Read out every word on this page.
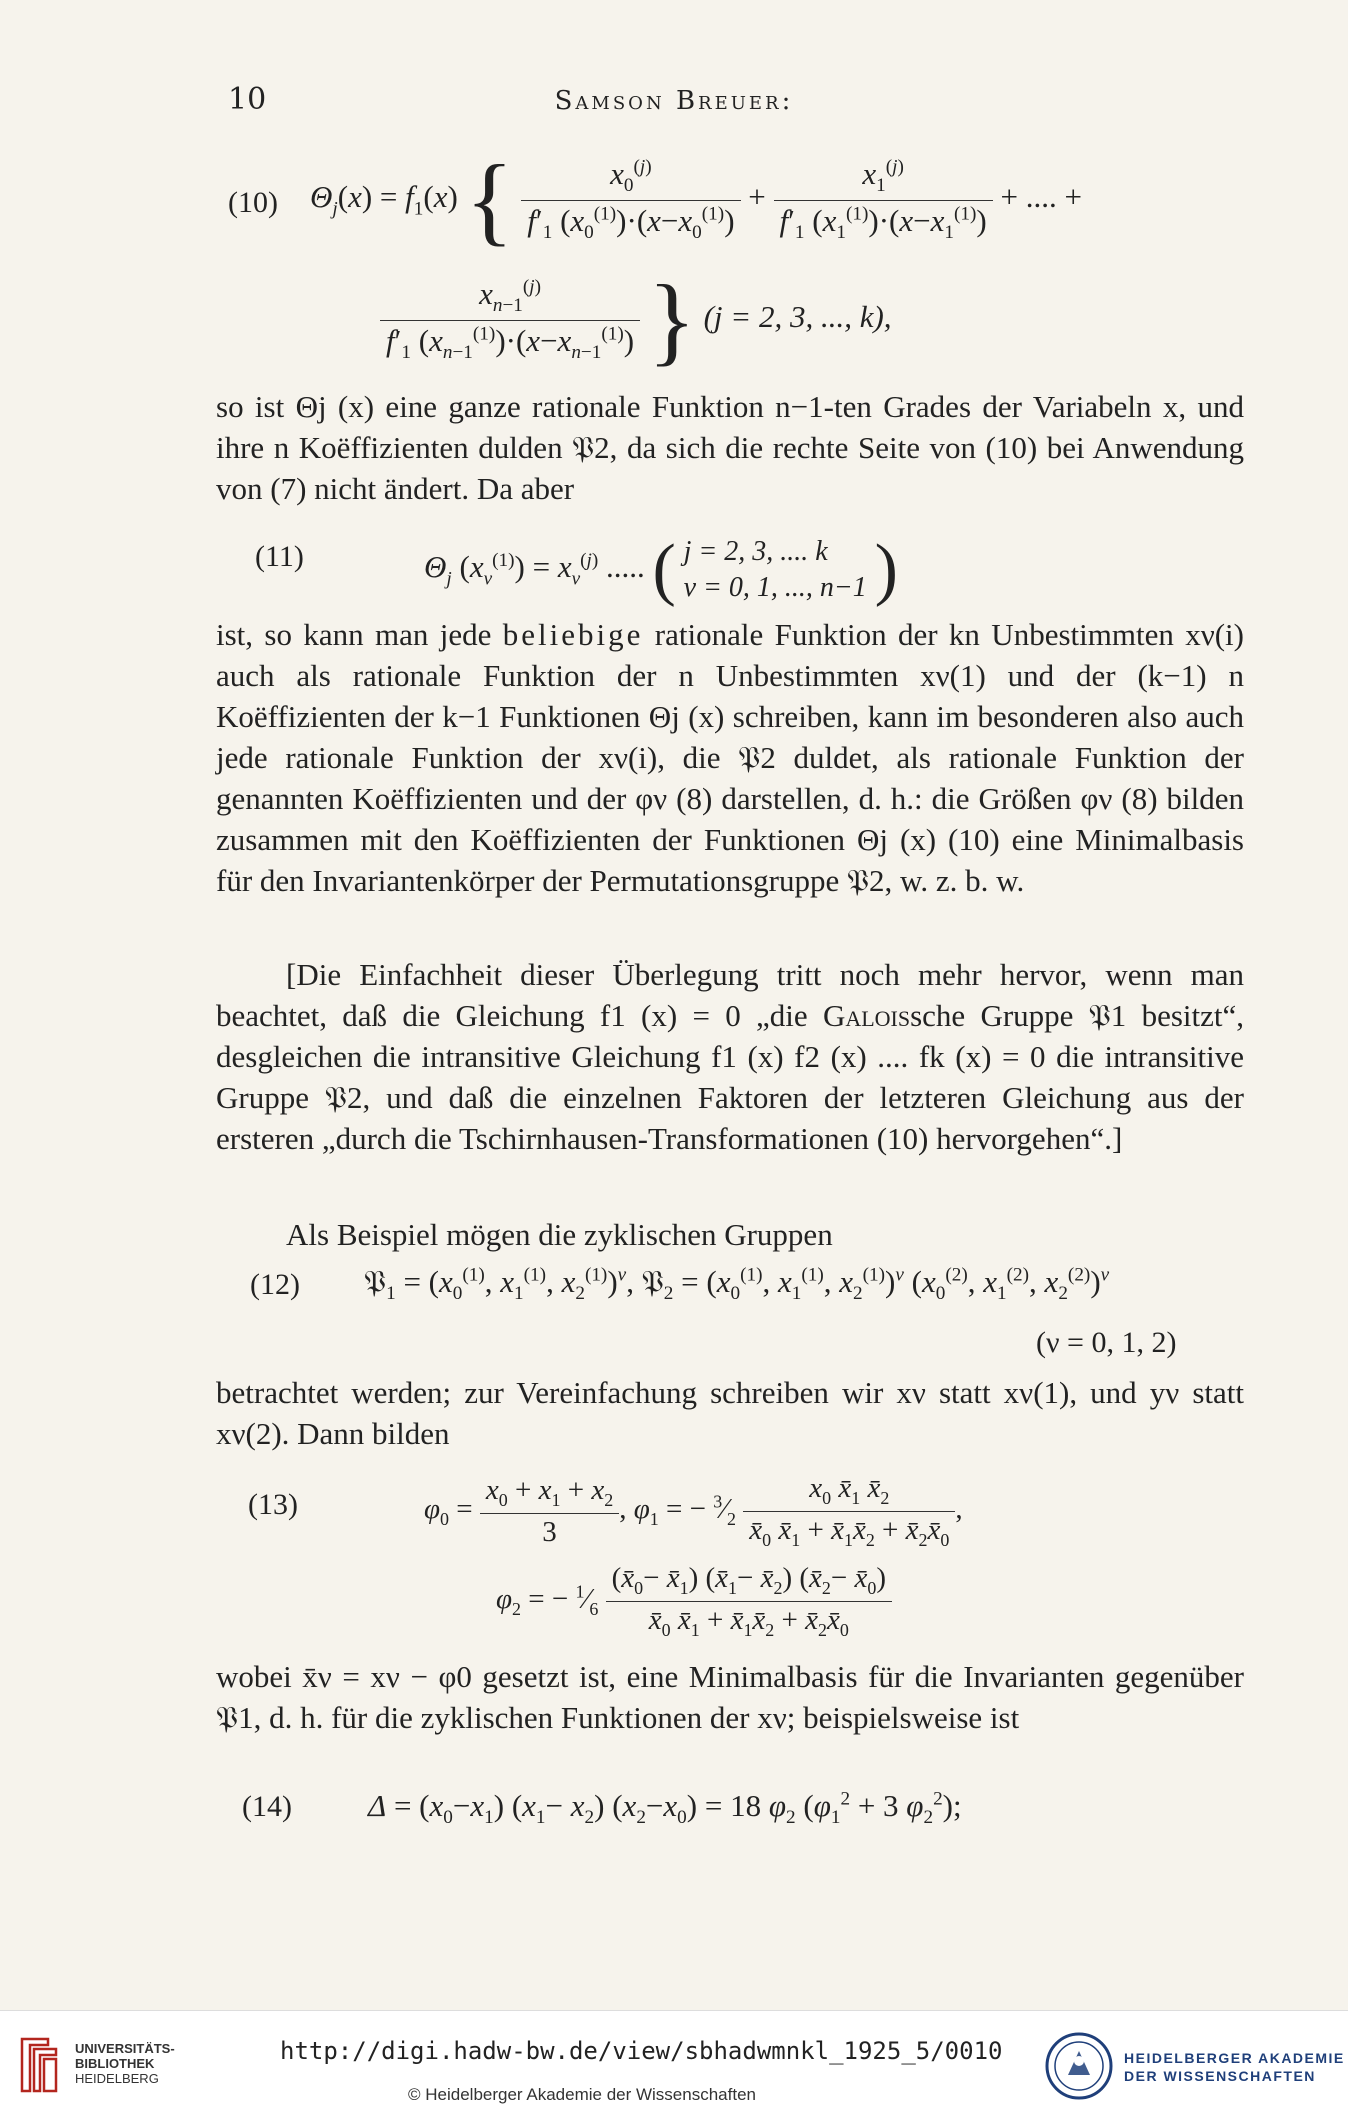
10	Samson Breuer:
(10) $\Theta_j(x) = f_1(x)$ { $\frac{x_0^{(j)}}{f'_1 (x_0^{(1)})\cdot(x-x_0^{(1)})} + \frac{x_1^{(j)}}{f'_1 (x_1^{(1)})\cdot(x-x_1^{(1)})}$ + .... +
$\frac{x_{n-1}^{(j)}}{f'_1 (x_{n-1}^{(1)})\cdot(x-x_{n-1}^{(1)})}$ } (j = 2, 3, ..., k),
so ist Θj (x) eine ganze rationale Funktion n−1-ten Grades der Variabeln x, und ihre n Koëffizienten dulden 𝔓2, da sich die rechte Seite von (10) bei Anwendung von (7) nicht ändert. Da aber
(11)	$\Theta_j$ $(x_\nu^{(1)}) = x_\nu^{(j)}$ ..... ( j = 2, 3, .... k
ν = 0, 1, ..., n−1 )
ist, so kann man jede beliebige rationale Funktion der kn Unbestimmten xν(i) auch als rationale Funktion der n Unbestimmten xν(1) und der (k−1) n Koëffizienten der k−1 Funktionen Θj (x) schreiben, kann im besonderen also auch jede rationale Funktion der xν(i), die 𝔓2 duldet, als rationale Funktion der genannten Koëffizienten und der φν (8) darstellen, d. h.: die Größen φν (8) bilden zusammen mit den Koëffizienten der Funktionen Θj (x) (10) eine Minimalbasis für den Invariantenkörper der Permutationsgruppe 𝔓2, w. z. b. w.
[Die Einfachheit dieser Überlegung tritt noch mehr hervor, wenn man beachtet, daß die Gleichung f1 (x) = 0 „die Galoissche Gruppe 𝔓1 besitzt“, desgleichen die intransitive Gleichung f1 (x) f2 (x) .... fk (x) = 0 die intransitive Gruppe 𝔓2, und daß die einzelnen Faktoren der letzteren Gleichung aus der ersteren „durch die Tschirnhausen-Transformationen (10) hervorgehen“.]
Als Beispiel mögen die zyklischen Gruppen
(12) 𝔓$_1$ = ($x_0^{(1)}$, $x_1^{(1)}$, $x_2^{(1)})^\nu$, 𝔓$_2$ = ($x_0^{(1)}$, $x_1^{(1)}$, $x_2^{(1)})^\nu$ ($x_0^{(2)}$, $x_1^{(2)}$, $x_2^{(2)})^\nu$
(ν = 0, 1, 2)
betrachtet werden; zur Vereinfachung schreiben wir xν statt xν(1), und yν statt xν(2). Dann bilden
(13)	$\varphi_0 = \frac{x_0 + x_1 + x_2}{3}$ , $\varphi_1$ = − $^3⁄_2 \frac{x_0 x̄_1 x̄_2}{x̄_0 x̄_1 + x̄_1x̄_2 + x̄_2x̄_0}$ ,
$\varphi_2$ = − $^1⁄_6 \frac{(x̄_0- x̄_1) (x̄_1- x̄_2) (x̄_2- x̄_0)}{x̄_0 x̄_1 + x̄_1x̄_2 + x̄_2x̄_0}$
wobei x̄ν = xν − φ0 gesetzt ist, eine Minimalbasis für die Invarianten gegenüber 𝔓1, d. h. für die zyklischen Funktionen der xν; beispielsweise ist
(14) $\Delta = (x_0-x_1)$ $(x_1- x_2) (x_2-x_0) = 18$ $\varphi_2$ ($\varphi_1^2 + 3$ $\varphi_2^2$);
UNIVERSITÄTS-
BIBLIOTHEK
HEIDELBERG
http://digi.hadw-bw.de/view/sbhadwmnkl_1925_5/0010
© Heidelberger Akademie der Wissenschaften
HEIDELBERGER AKADEMIE
DER WISSENSCHAFTEN
